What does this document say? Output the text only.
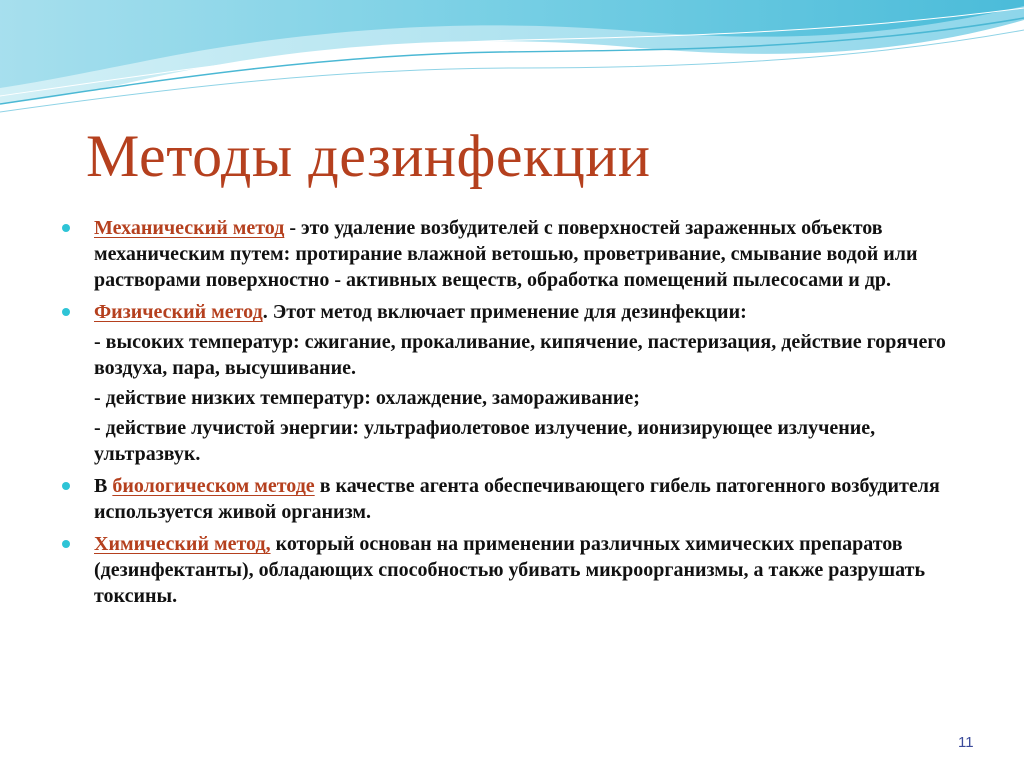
Методы дезинфекции
Механический метод - это удаление возбудителей с поверхностей зараженных объектов механическим путем: протирание влажной ветошью, проветривание, смывание водой или растворами поверхностно - активных веществ, обработка помещений пылесосами и др.
Физический метод. Этот метод включает применение для дезинфекции:
- высоких температур: сжигание, прокаливание, кипячение, пастеризация, действие горячего воздуха, пара, высушивание.
- действие низких температур: охлаждение, замораживание;
- действие лучистой энергии: ультрафиолетовое излучение, ионизирующее излучение, ультразвук.
В биологическом методе в качестве агента обеспечивающего гибель патогенного возбудителя используется живой организм.
Химический метод, который основан на применении различных химических препаратов (дезинфектанты), обладающих способностью убивать микроорганизмы, а также разрушать токсины.
11
